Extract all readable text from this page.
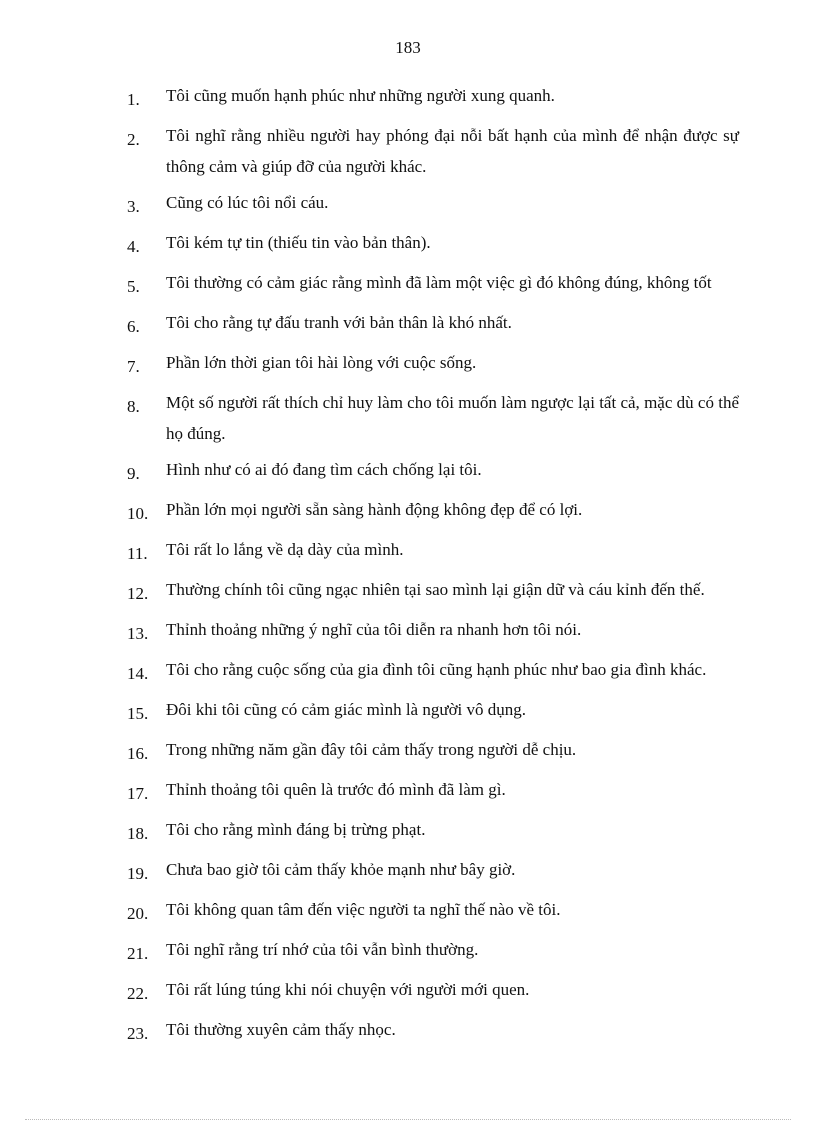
183
1.	Tôi cũng muốn hạnh phúc như những người xung quanh.
2.	Tôi nghĩ rằng nhiều người hay phóng đại nỗi bất hạnh của mình để nhận được sự thông cảm và giúp đỡ của người khác.
3.	Cũng có lúc tôi nổi cáu.
4.	Tôi kém tự tin (thiếu tin vào bản thân).
5.	Tôi thường có cảm giác rằng mình đã làm một việc gì đó không đúng, không tốt
6.	Tôi cho rằng tự đấu tranh với bản thân là khó nhất.
7.	Phần lớn thời gian tôi hài lòng với cuộc sống.
8.	Một số người rất thích chỉ huy làm cho tôi muốn làm ngược lại tất cả, mặc dù có thể họ đúng.
9.	Hình như có ai đó đang tìm cách chống lại tôi.
10.	Phần lớn mọi người sẵn sàng hành động không đẹp để có lợi.
11.	Tôi rất lo lắng về dạ dày của mình.
12.	Thường chính tôi cũng ngạc nhiên tại sao mình lại giận dữ và cáu kỉnh đến thế.
13.	Thỉnh thoảng những ý nghĩ của tôi diễn ra nhanh hơn tôi nói.
14.	Tôi cho rằng cuộc sống của gia đình tôi cũng hạnh phúc như bao gia đình khác.
15.	Đôi khi tôi cũng có cảm giác mình là người vô dụng.
16.	Trong những năm gần đây tôi cảm thấy trong người dễ chịu.
17.	Thỉnh thoảng tôi quên là trước đó mình đã làm gì.
18.	Tôi cho rằng mình đáng bị trừng phạt.
19.	Chưa bao giờ tôi cảm thấy khỏe mạnh như bây giờ.
20.	Tôi không quan tâm đến việc người ta nghĩ thế nào về tôi.
21.	Tôi nghĩ rằng trí nhớ của tôi vẫn bình thường.
22.	Tôi rất lúng túng khi nói chuyện với người mới quen.
23.	Tôi thường xuyên cảm thấy nhọc.
